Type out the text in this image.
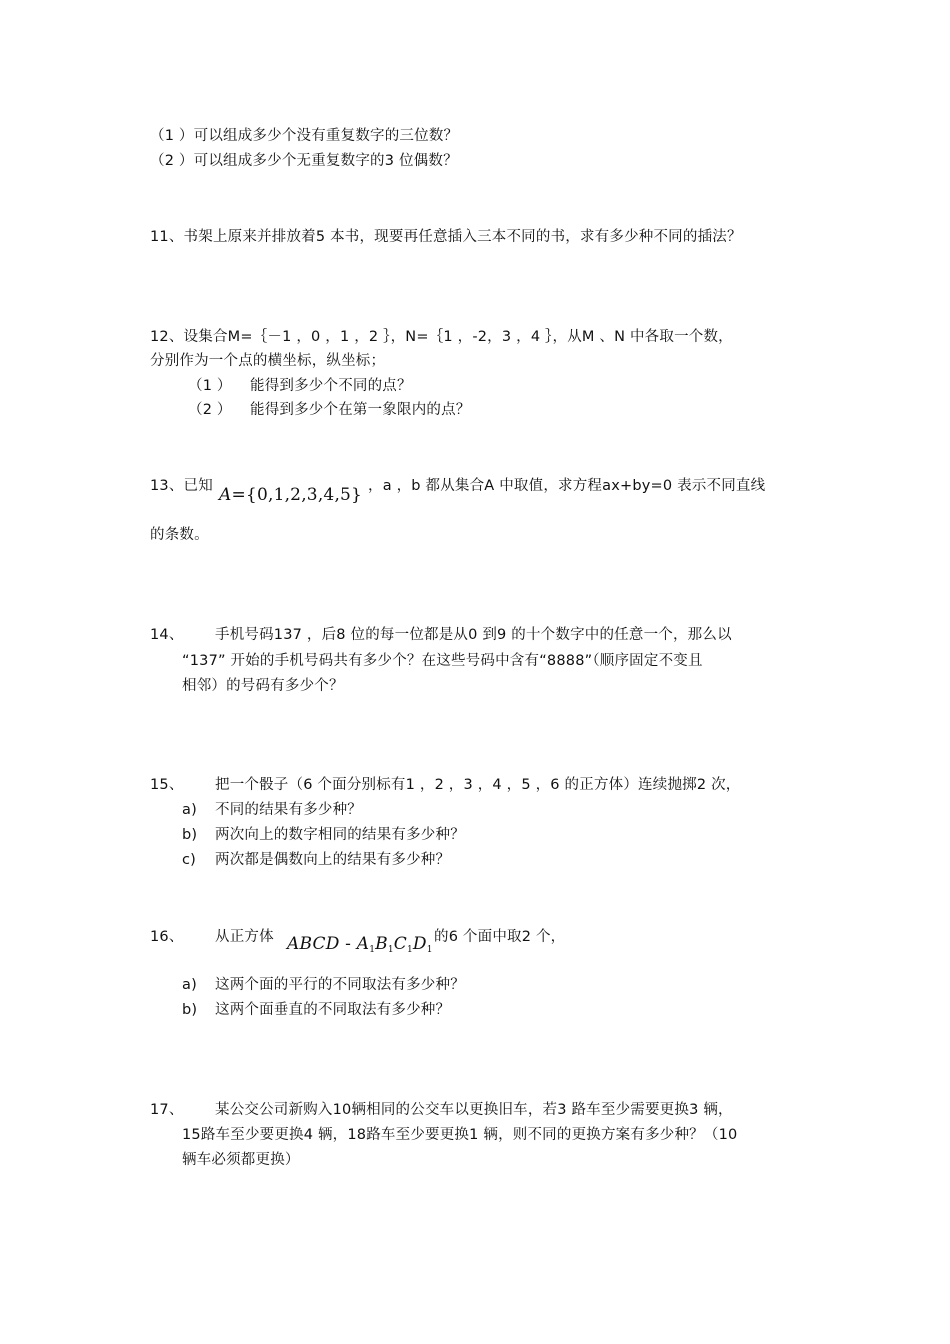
（1 ）可以组成多少个没有重复数字的三位数？
（2 ）可以组成多少个无重复数字的3 位偶数？
11、书架上原来并排放着5 本书，现要再任意插入三本不同的书，求有多少种不同的插法？
12、设集合M=｛－1 ，0 ，1 ，2 ｝，N=｛1 ，-2，3 ，4 ｝，从M 、N 中各取一个数，
分别作为一个点的横坐标，纵坐标；
（1 ） 能得到多少个不同的点？
（2 ） 能得到多少个在第一象限内的点？
13、已知 A={0,1,2,3,4,5} ，a ，b 都从集合A 中取值，求方程ax+by=0 表示不同直线
的条数。
14、 手机号码137 ，后8 位的每一位都是从0 到9 的十个数字中的任意一个，那么以
“137” 开始的手机号码共有多少个？在这些号码中含有“8888”（顺序固定不变且
相邻）的号码有多少个？
15、 把一个骰子（6 个面分别标有1 ，2 ，3 ，4 ，5 ，6 的正方体）连续抛掷2 次，
a) 不同的结果有多少种？
b) 两次向上的数字相同的结果有多少种？
c) 两次都是偶数向上的结果有多少种？
16、 从正方体 ABCD - $A_1B_1C_1D_1$
的6 个面中取2 个，
a) 这两个面的平行的不同取法有多少种？
b) 这两个面垂直的不同取法有多少种？
17、 某公交公司新购入10辆相同的公交车以更换旧车，若3 路车至少需要更换3 辆，
15路车至少要更换4 辆，18路车至少要更换1 辆，则不同的更换方案有多少种？（10
辆车必须都更换）
